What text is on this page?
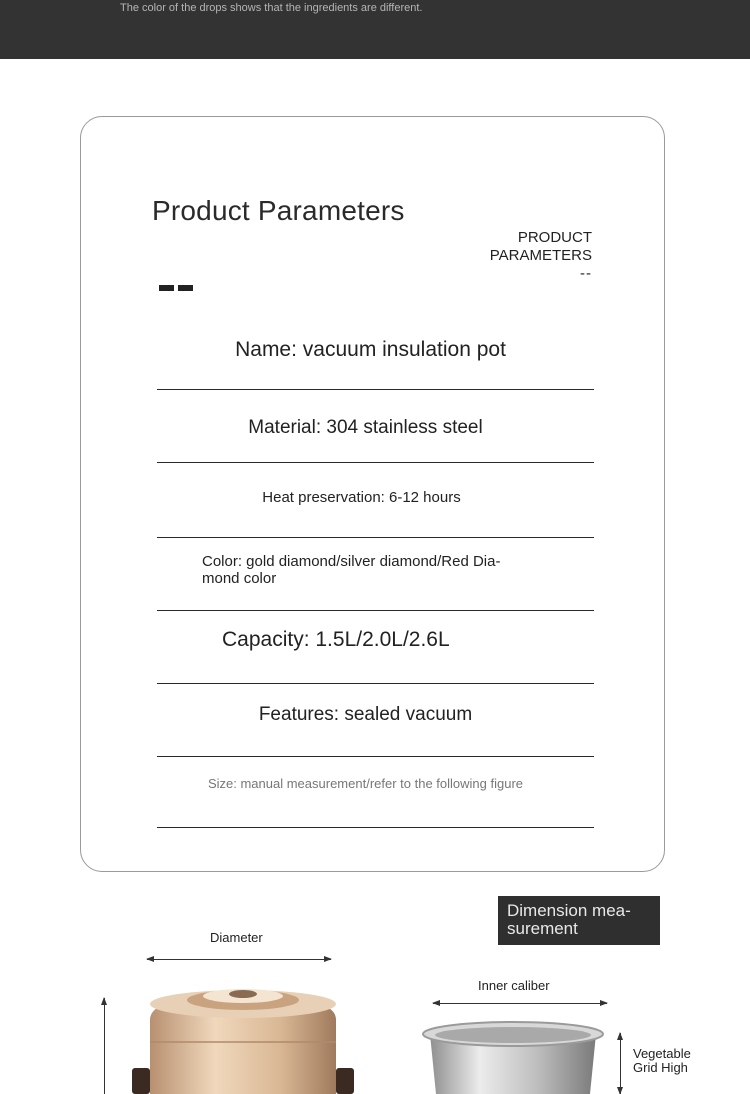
The color of the drops shows that the ingredients are different.
Product Parameters
PRODUCT
PARAMETERS
--
Name: vacuum insulation pot
Material: 304 stainless steel
Heat preservation: 6-12 hours
Color: gold diamond/silver diamond/Red Dia-mond color
Capacity: 1.5L/2.0L/2.6L
Features: sealed vacuum
Size: manual measurement/refer to the following figure
Dimension mea-surement
Diameter
Inner caliber
Vegetable
Grid High
